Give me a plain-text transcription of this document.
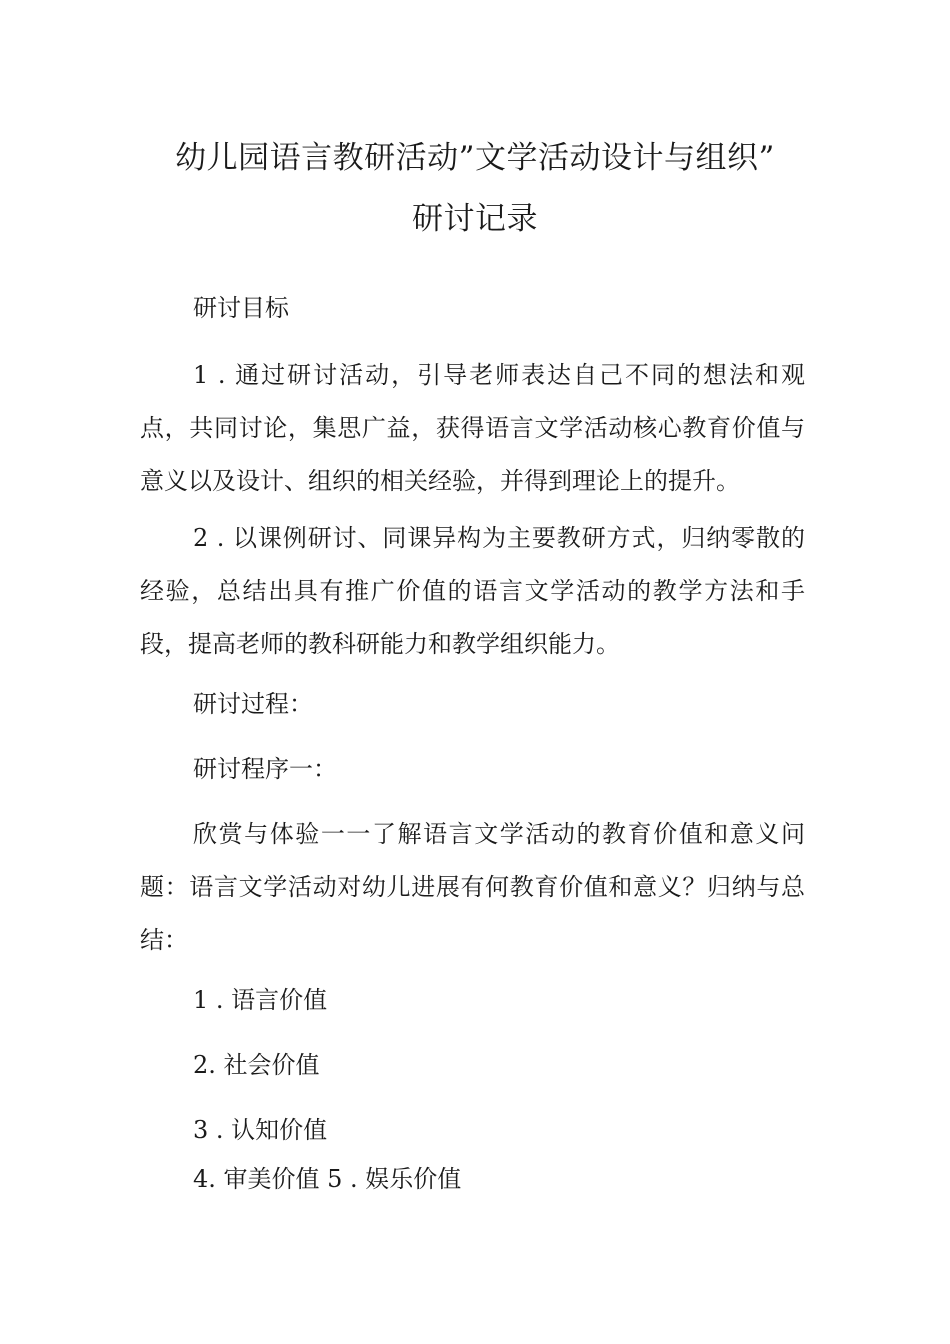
幼儿园语言教研活动”文学活动设计与组织”
研讨记录
研讨目标

1 . 通过研讨活动，引导老师表达自己不同的想法和观点，共同讨论，集思广益，获得语言文学活动核心教育价值与意义以及设计、组织的相关经验，并得到理论上的提升。

2 . 以课例研讨、同课异构为主要教研方式，归纳零散的经验，总结出具有推广价值的语言文学活动的教学方法和手段，提高老师的教科研能力和教学组织能力。

研讨过程：
研讨程序一：

欣赏与体验一一了解语言文学活动的教育价值和意义问题：语言文学活动对幼儿进展有何教育价值和意义？归纳与总结：

1 . 语言价值
2. 社会价值
3 . 认知价值
4. 审美价值 5 . 娱乐价值
